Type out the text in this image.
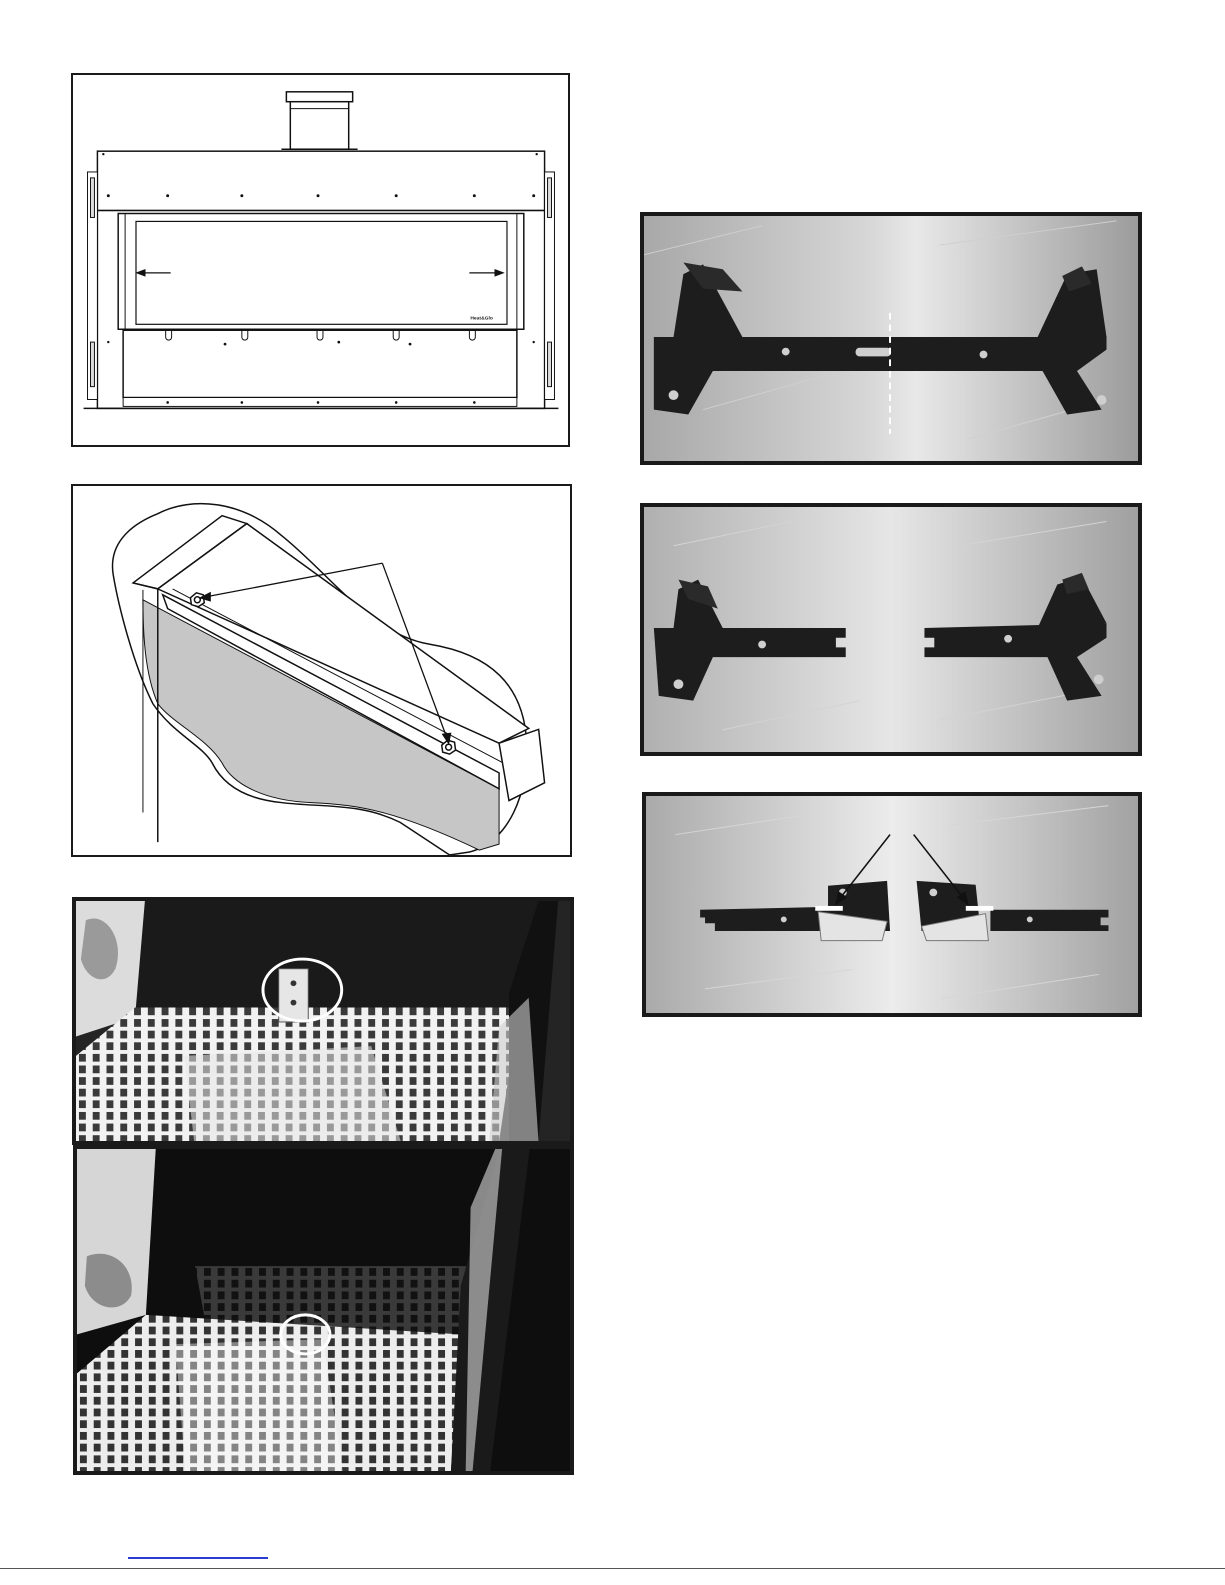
Heat&Glo
